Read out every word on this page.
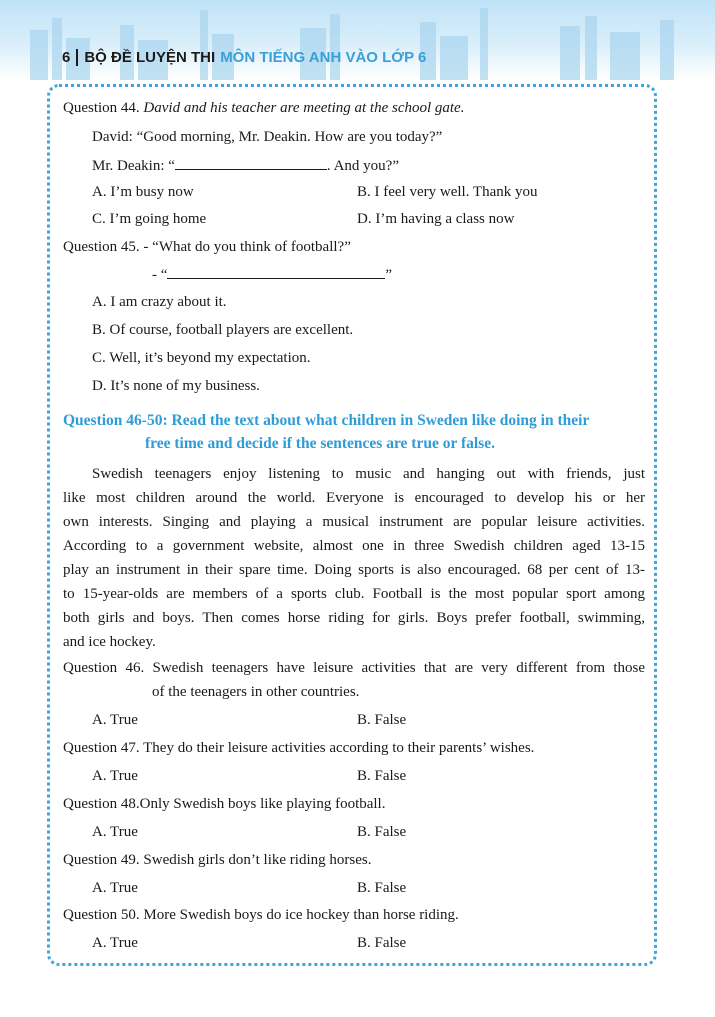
6 BỘ ĐỀ LUYỆN THI MÔN TIẾNG ANH VÀO LỚP 6
Question 44. David and his teacher are meeting at the school gate.
David: “Good morning, Mr. Deakin. How are you today?”
Mr. Deakin: “	. And you?”
A. I’m busy now	B. I feel very well. Thank you
C. I’m going home	D. I’m having a class now
Question 45. - “What do you think of football?”
- “	”
A. I am crazy about it.
B. Of course, football players are excellent.
C. Well, it’s beyond my expectation.
D. It’s none of my business.
Question 46-50: Read the text about what children in Sweden like doing in their
free time and decide if the sentences are true or false.
Swedish teenagers enjoy listening to music and hanging out with friends, just
like most children around the world. Everyone is encouraged to develop his or her
own interests. Singing and playing a musical instrument are popular leisure activities.
According to a government website, almost one in three Swedish children aged 13-15
play an instrument in their spare time. Doing sports is also encouraged. 68 per cent of 13-
to 15-year-olds are members of a sports club. Football is the most popular sport among
both girls and boys. Then comes horse riding for girls. Boys prefer football, swimming,
and ice hockey.
Question 46. Swedish teenagers have leisure activities that are very different from those
of the teenagers in other countries.
A. True	B. False
Question 47. They do their leisure activities according to their parents’ wishes.
A. True	B. False
Question 48.Only Swedish boys like playing football.
A. True	B. False
Question 49. Swedish girls don’t like riding horses.
A. True	B. False
Question 50. More Swedish boys do ice hockey than horse riding.
A. True	B. False
